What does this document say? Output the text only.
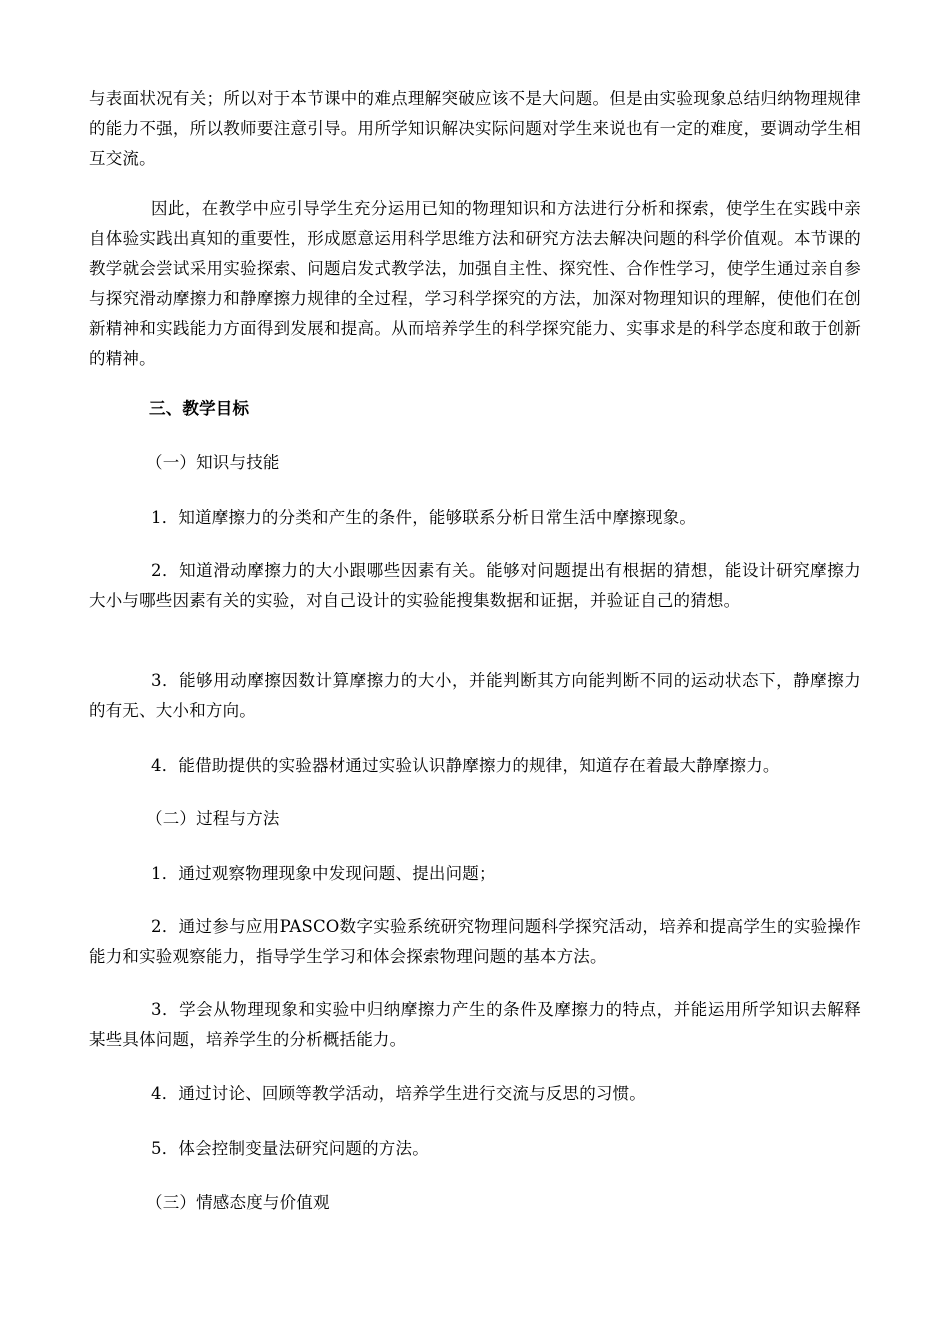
与表面状况有关；所以对于本节课中的难点理解突破应该不是大问题。但是由实验现象总结归纳物理规律的能力不强，所以教师要注意引导。用所学知识解决实际问题对学生来说也有一定的难度，要调动学生相互交流。

因此，在教学中应引导学生充分运用已知的物理知识和方法进行分析和探索，使学生在实践中亲自体验实践出真知的重要性，形成愿意运用科学思维方法和研究方法去解决问题的科学价值观。本节课的教学就会尝试采用实验探索、问题启发式教学法，加强自主性、探究性、合作性学习，使学生通过亲自参与探究滑动摩擦力和静摩擦力规律的全过程，学习科学探究的方法，加深对物理知识的理解，使他们在创新精神和实践能力方面得到发展和提高。从而培养学生的科学探究能力、实事求是的科学态度和敢于创新的精神。

三、教学目标

（一）知识与技能

1．知道摩擦力的分类和产生的条件，能够联系分析日常生活中摩擦现象。

2．知道滑动摩擦力的大小跟哪些因素有关。能够对问题提出有根据的猜想，能设计研究摩擦力大小与哪些因素有关的实验，对自己设计的实验能搜集数据和证据，并验证自己的猜想。

3．能够用动摩擦因数计算摩擦力的大小，并能判断其方向能判断不同的运动状态下，静摩擦力的有无、大小和方向。

4．能借助提供的实验器材通过实验认识静摩擦力的规律，知道存在着最大静摩擦力。

（二）过程与方法

1．通过观察物理现象中发现问题、提出问题；

2．通过参与应用PASCO数字实验系统研究物理问题科学探究活动，培养和提高学生的实验操作能力和实验观察能力，指导学生学习和体会探索物理问题的基本方法。

3．学会从物理现象和实验中归纳摩擦力产生的条件及摩擦力的特点，并能运用所学知识去解释某些具体问题，培养学生的分析概括能力。

4．通过讨论、回顾等教学活动，培养学生进行交流与反思的习惯。

5．体会控制变量法研究问题的方法。

（三）情感态度与价值观
